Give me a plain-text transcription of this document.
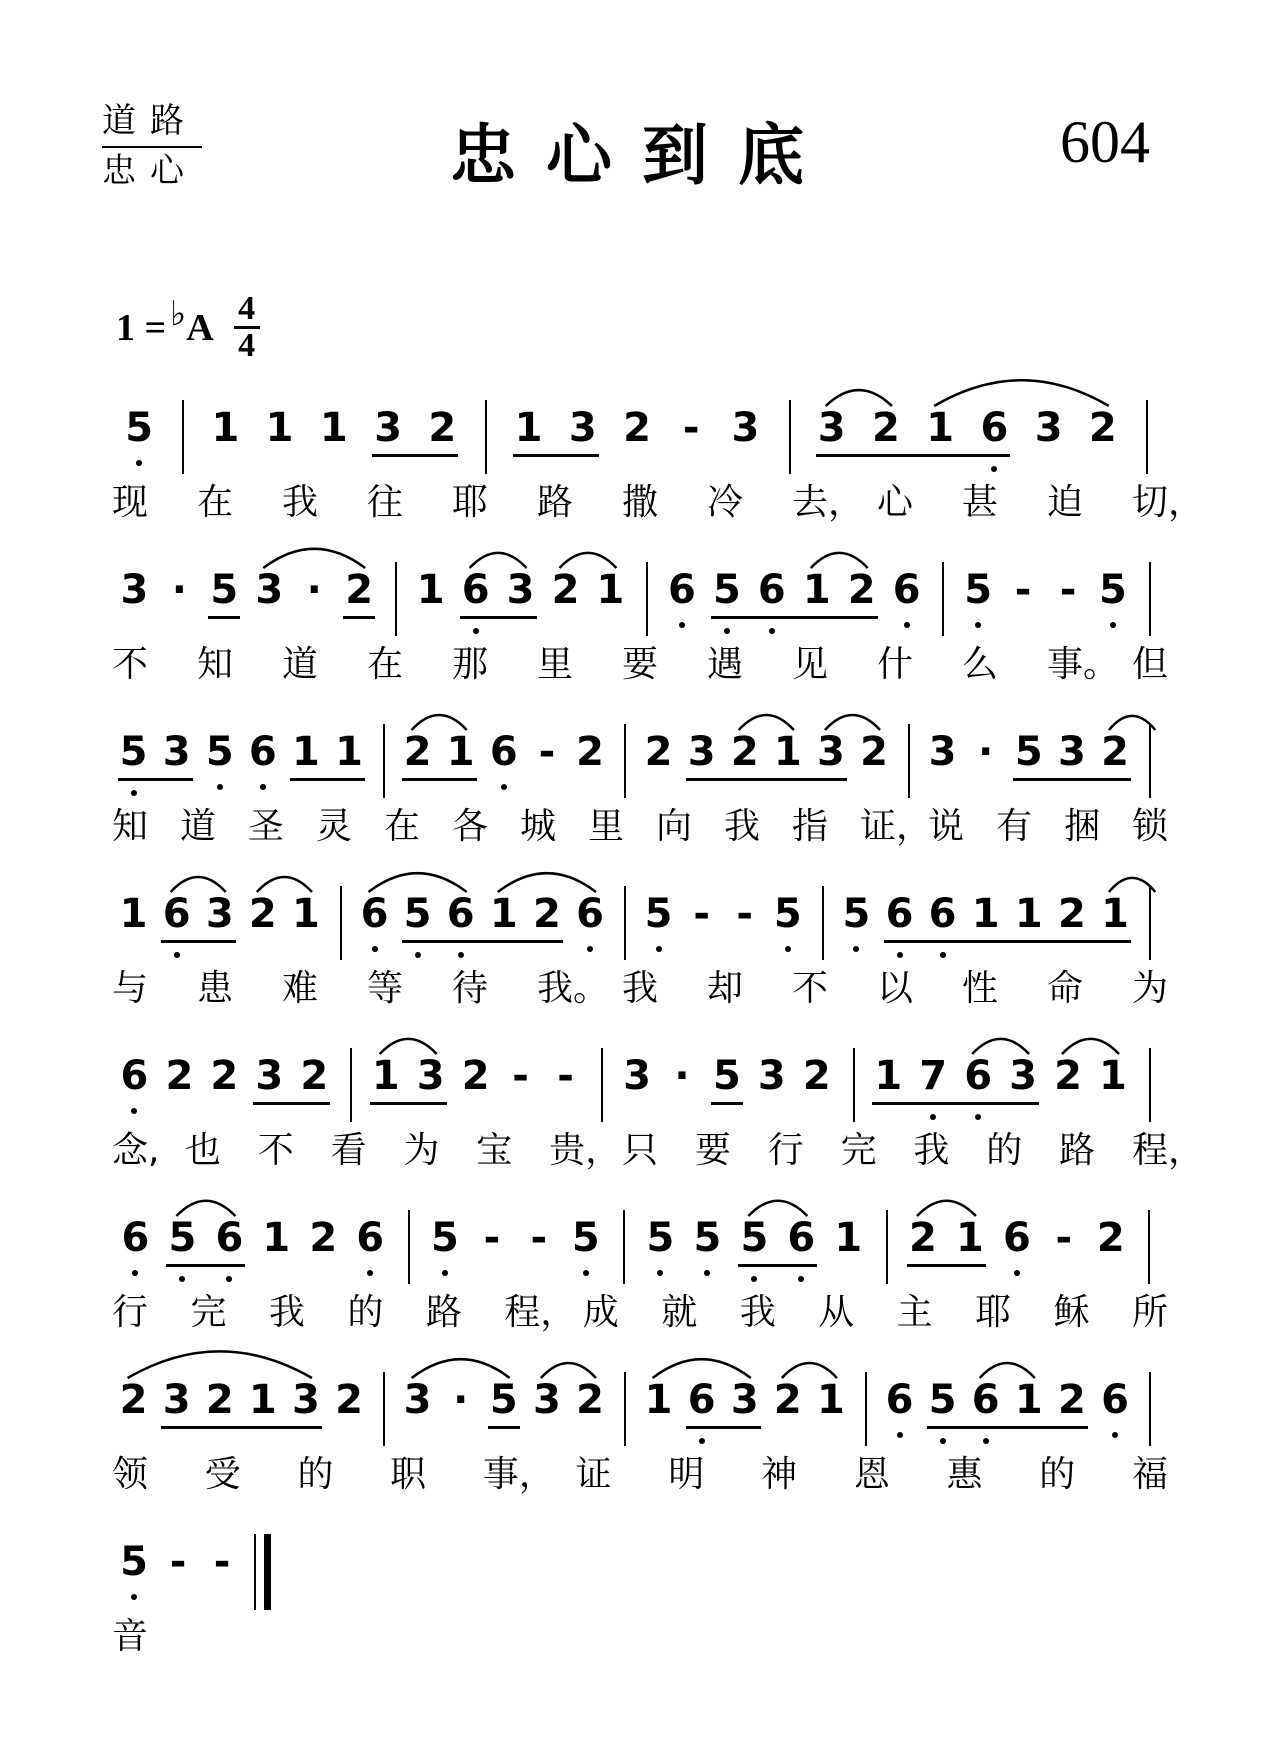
道路
忠心	忠心到底	604
1 = ♭ A 4
4
5 1 1 1 3 2 1 3 2 - 3 3 2 1 6 3 2
现 在 我 往 耶 路 撒 冷 去， 心 甚 迫 切，
3 · 5 3 · 2 1 6 3 2 1 6 5 6 1 2 6 5 - - 5
不 知 道 在 那 里 要 遇 见 什 么 事。 但
5 3 5 6 1 1 2 1 6 - 2 2 3 2 1 3 2 3 · 5 3 2
知 道 圣 灵 在 各 城 里 向 我 指 证，
说 有 捆 锁
1 6 3 2 1 6 5 6 1 2 6 5 - - 5 5 6 6 1 1 2 1
与 患 难 等 待 我。 我 却 不 以 性 命 为
6 2 2 3 2 1 3 2 - - 3 · 5 3 2 1 7 6 3 2 1
念, 也 不 看 为 宝 贵， 只 要 行 完 我 的 路 程，
6 5 6 1 2 6 5 - - 5 5 5 5 6 1 2 1 6 - 2
行 完 我 的 路 程， 成 就 我 从 主 耶 稣 所
2 3 2 1 3 2 3 · 5 3 2 1 6 3 2 1 6 5 6 1 2 6
领 受 的 职 事， 证 明 神 恩 惠 的 福
5 - -
音
